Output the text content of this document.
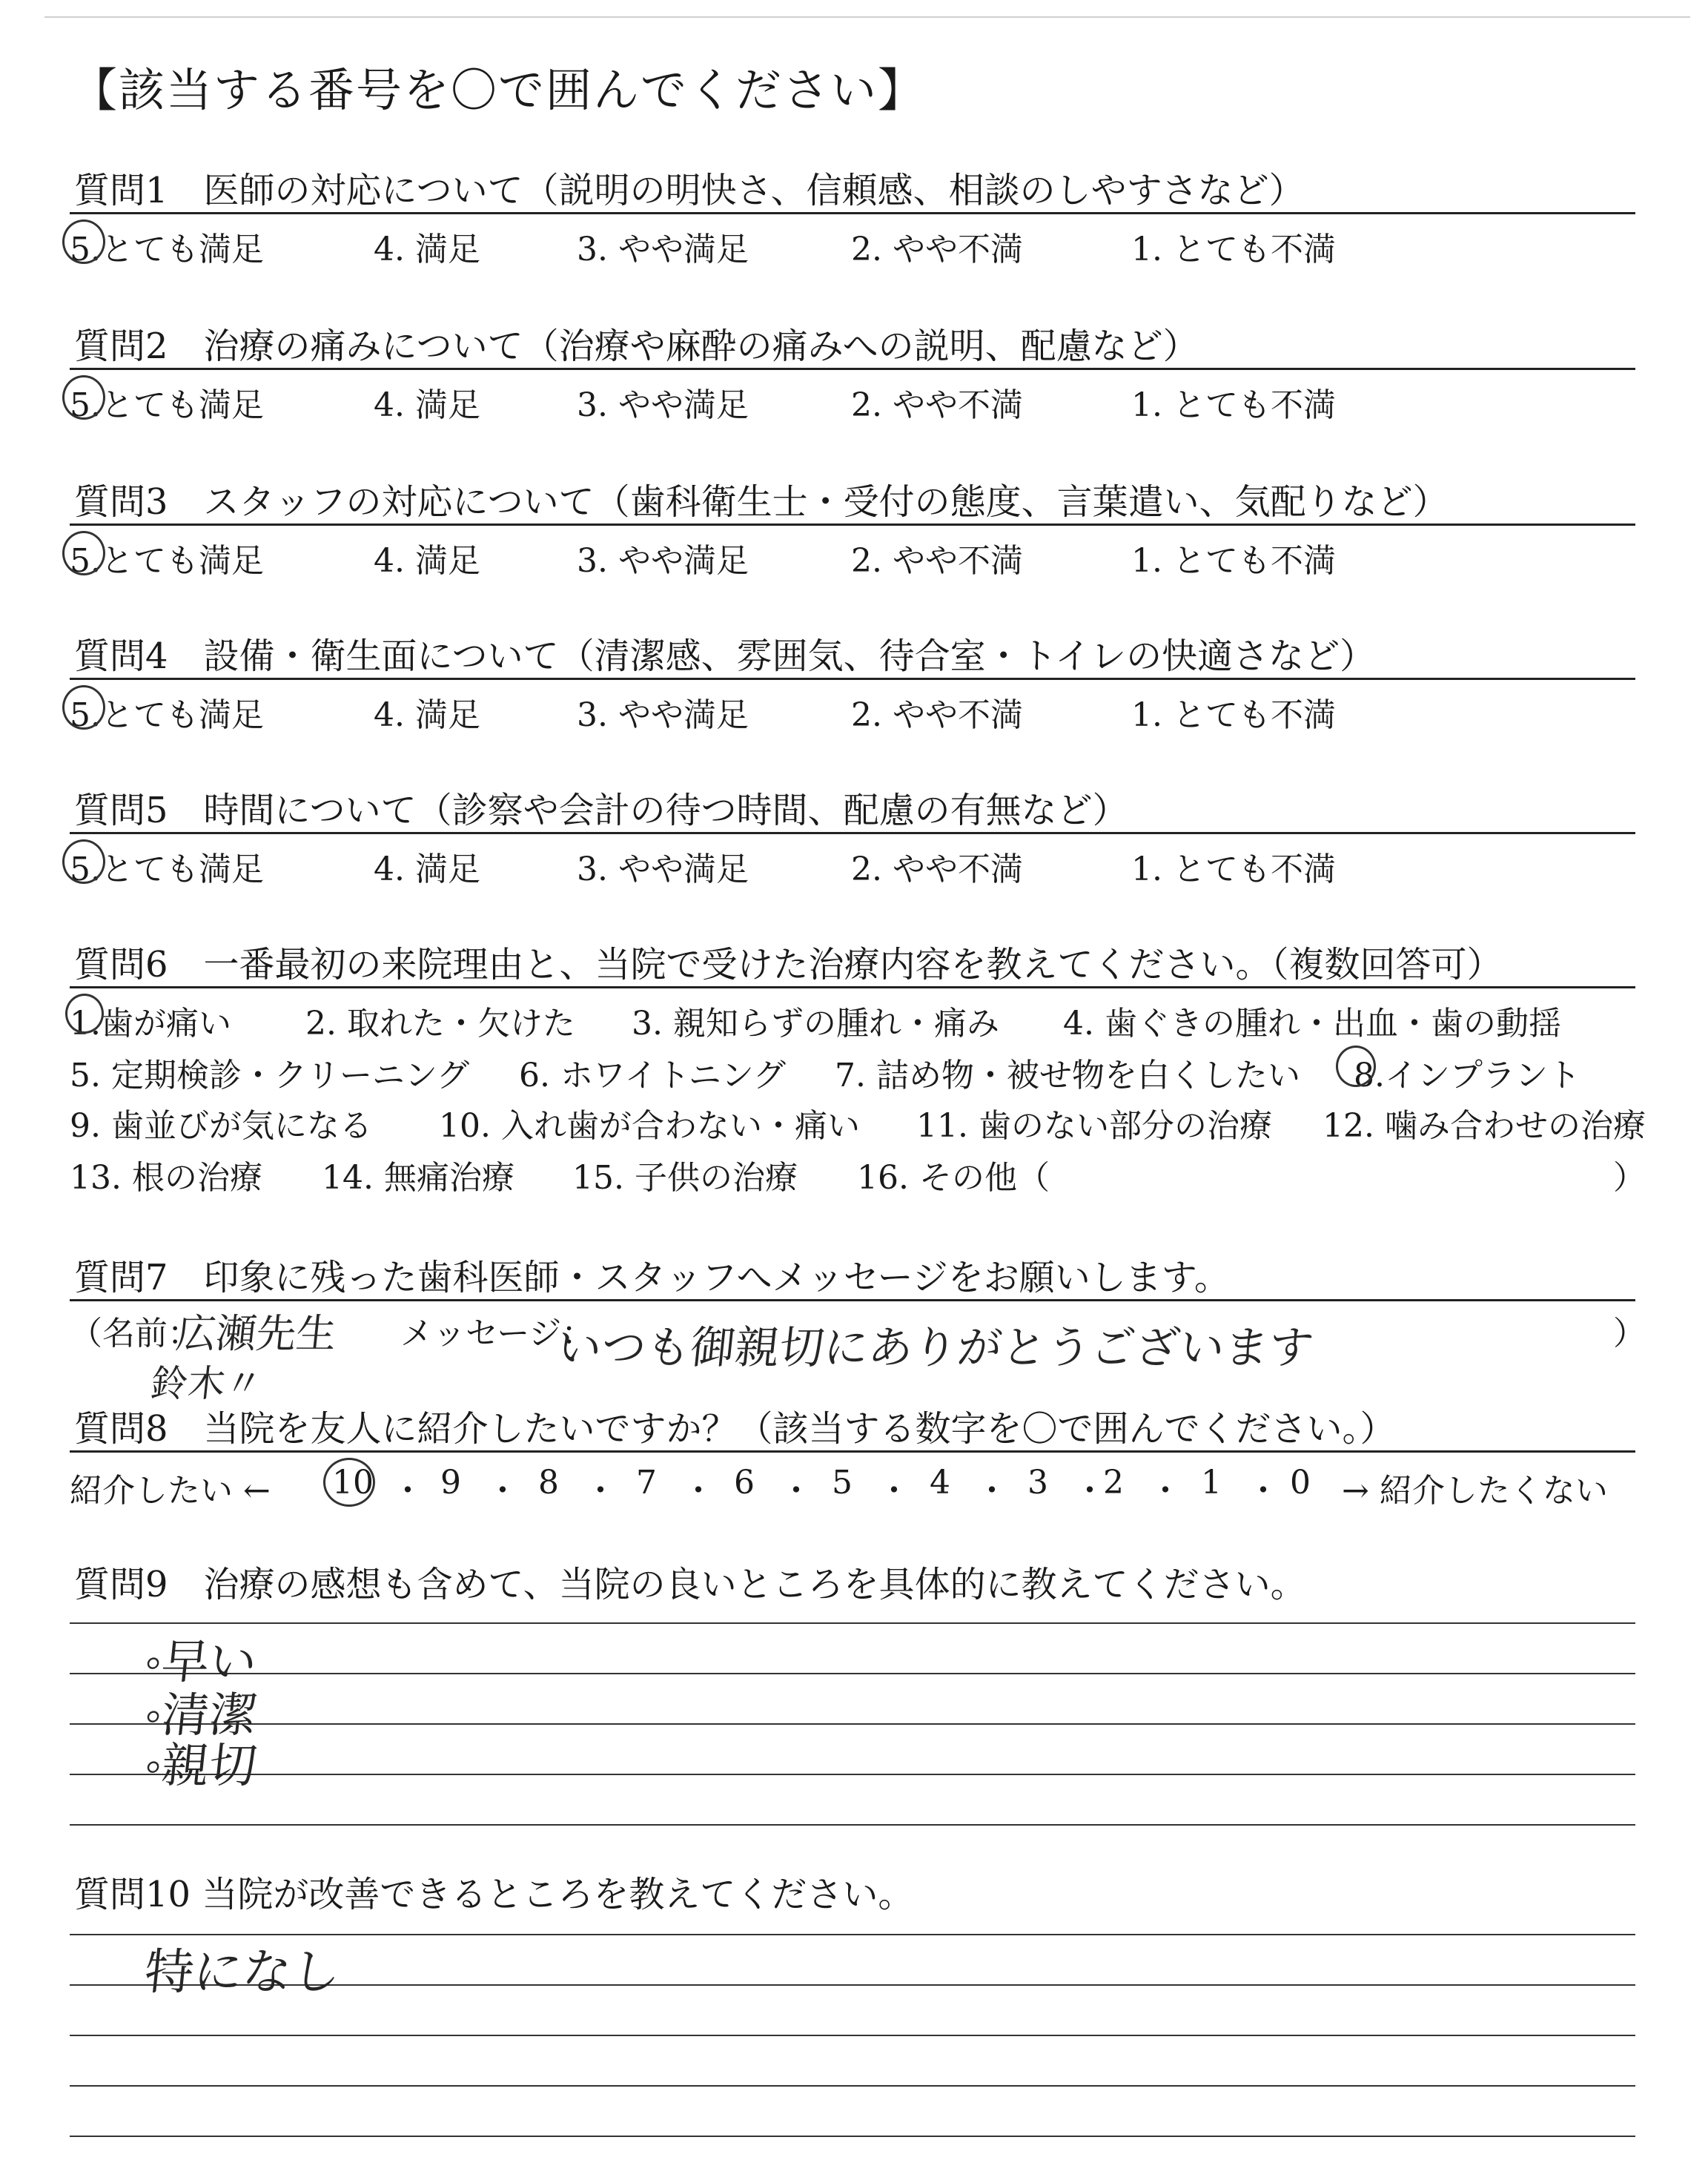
【該当する番号を〇で囲んでください】
質問1　医師の対応について（説明の明快さ、信頼感、相談のしやすさなど）
5.とても満足	4. 満足	3. やや満足	2. やや不満	1. とても不満
質問2　治療の痛みについて（治療や麻酔の痛みへの説明、配慮など）
5.とても満足	4. 満足	3. やや満足	2. やや不満	1. とても不満
質問3　スタッフの対応について（歯科衛生士・受付の態度、言葉遣い、気配りなど）
5.とても満足	4. 満足	3. やや満足	2. やや不満	1. とても不満
質問4　設備・衛生面について（清潔感、雰囲気、待合室・トイレの快適さなど）
5.とても満足	4. 満足	3. やや満足	2. やや不満	1. とても不満
質問5　時間について（診察や会計の待つ時間、配慮の有無など）
5.とても満足	4. 満足	3. やや満足	2. やや不満	1. とても不満
質問6　一番最初の来院理由と、当院で受けた治療内容を教えてください。（複数回答可）
1.歯が痛い 2. 取れた・欠けた 3. 親知らずの腫れ・痛み 4. 歯ぐきの腫れ・出血・歯の動揺
5. 定期検診・クリーニング 6. ホワイトニング 7. 詰め物・被せ物を白くしたい 8.インプラント
9. 歯並びが気になる 10. 入れ歯が合わない・痛い 11. 歯のない部分の治療 12. 噛み合わせの治療
13. 根の治療 14. 無痛治療 15. 子供の治療 16. その他（	）
質問7　印象に残った歯科医師・スタッフへメッセージをお願いします。
（名前：	メッセージ：	）
広瀬先生
鈴木〃
いつも御親切にありがとうございます
質問8　当院を友人に紹介したいですか？（該当する数字を〇で囲んでください。）
紹介したい ← 10 ・ 9 ・ 8 ・ 7 ・ 6 ・ 5 ・ 4 ・ 3 ・
2 ・ 1 ・ 0 → 紹介したくない
質問9　治療の感想も含めて、当院の良いところを具体的に教えてください。
◦早い
◦清潔
◦親切
質問10 当院が改善できるところを教えてください。
特になし
